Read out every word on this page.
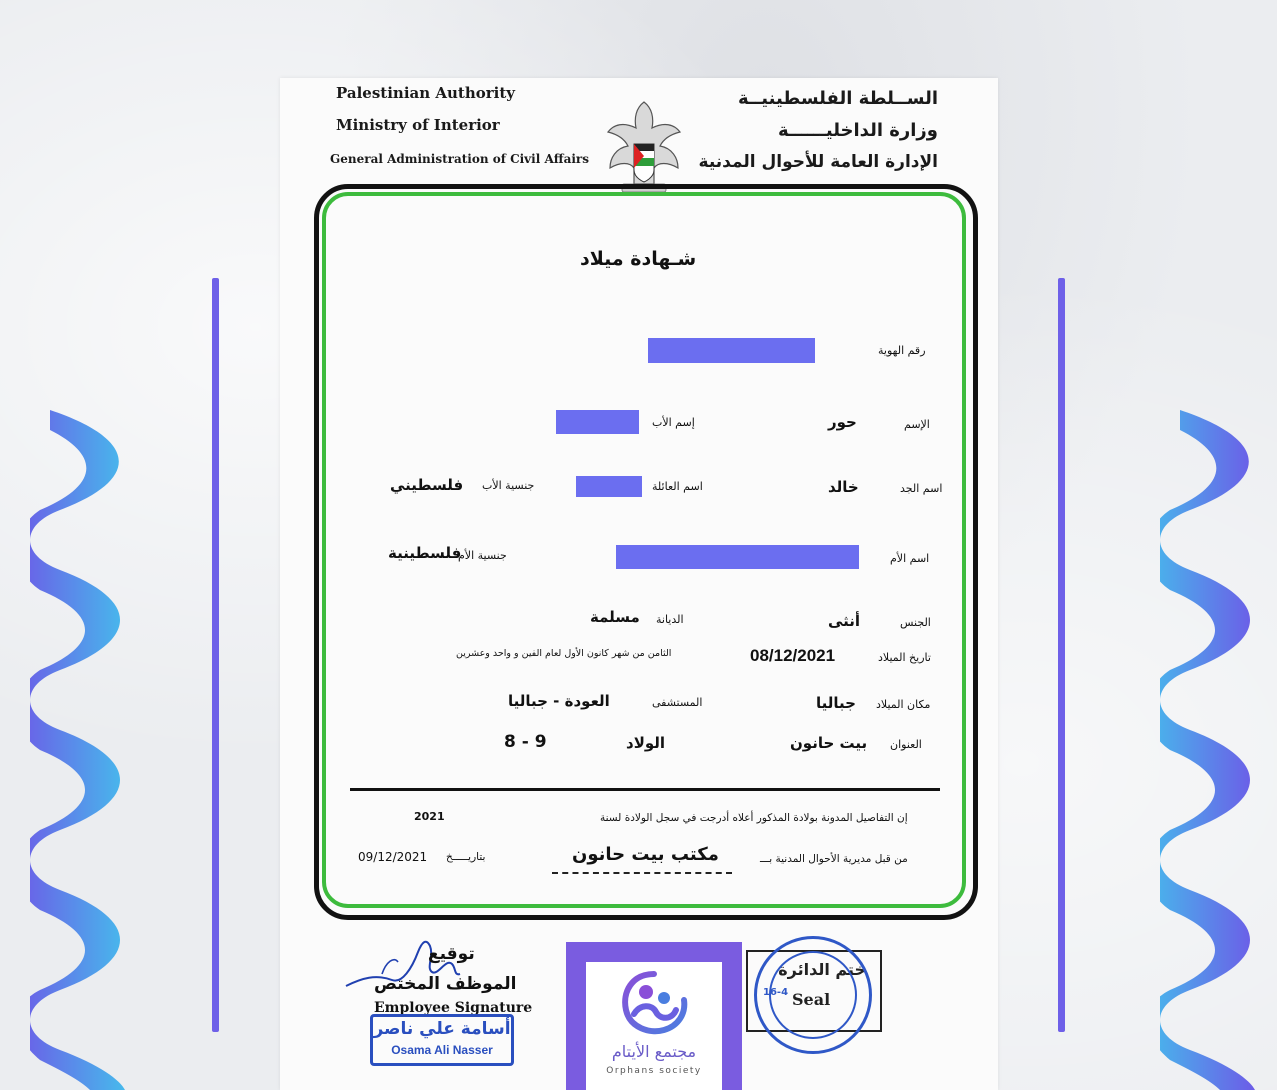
Palestinian Authority
Ministry of Interior
General Administration of Civil Affairs
الســلطة الفلسطينيــة
وزارة الداخليــــــة
الإدارة العامة للأحوال المدنية
شـهادة ميلاد
رقم الهوية
الإسم
حور
إسم الأب
اسم الجد
خالد
اسم العائلة
جنسية الأب
فلسطيني
اسم الأم
جنسية الأم
فلسطينية
الجنس
أنثى
الديانة
مسلمة
تاريخ الميلاد
08/12/2021
الثامن من شهر كانون الأول لعام الفين و واحد وعشرين
مكان الميلاد
جباليا
المستشفى
العودة - جباليا
العنوان
بيت حانون
الولاد
8 - 9
إن التفاصيل المدونة بولادة المذكور أعلاه أدرجت في سجل الولادة لسنة
2021
من قبل مديرية الأحوال المدنية بـــ
مكتب بيت حانون
بتاريـــــخ
09/12/2021
توقيع
الموظف المختص
Employee Signature
أسامة علي ناصر
Osama Ali Nasser
ختم الدائرة
Seal
16-4
مجتمع الأيتام
Orphans society
